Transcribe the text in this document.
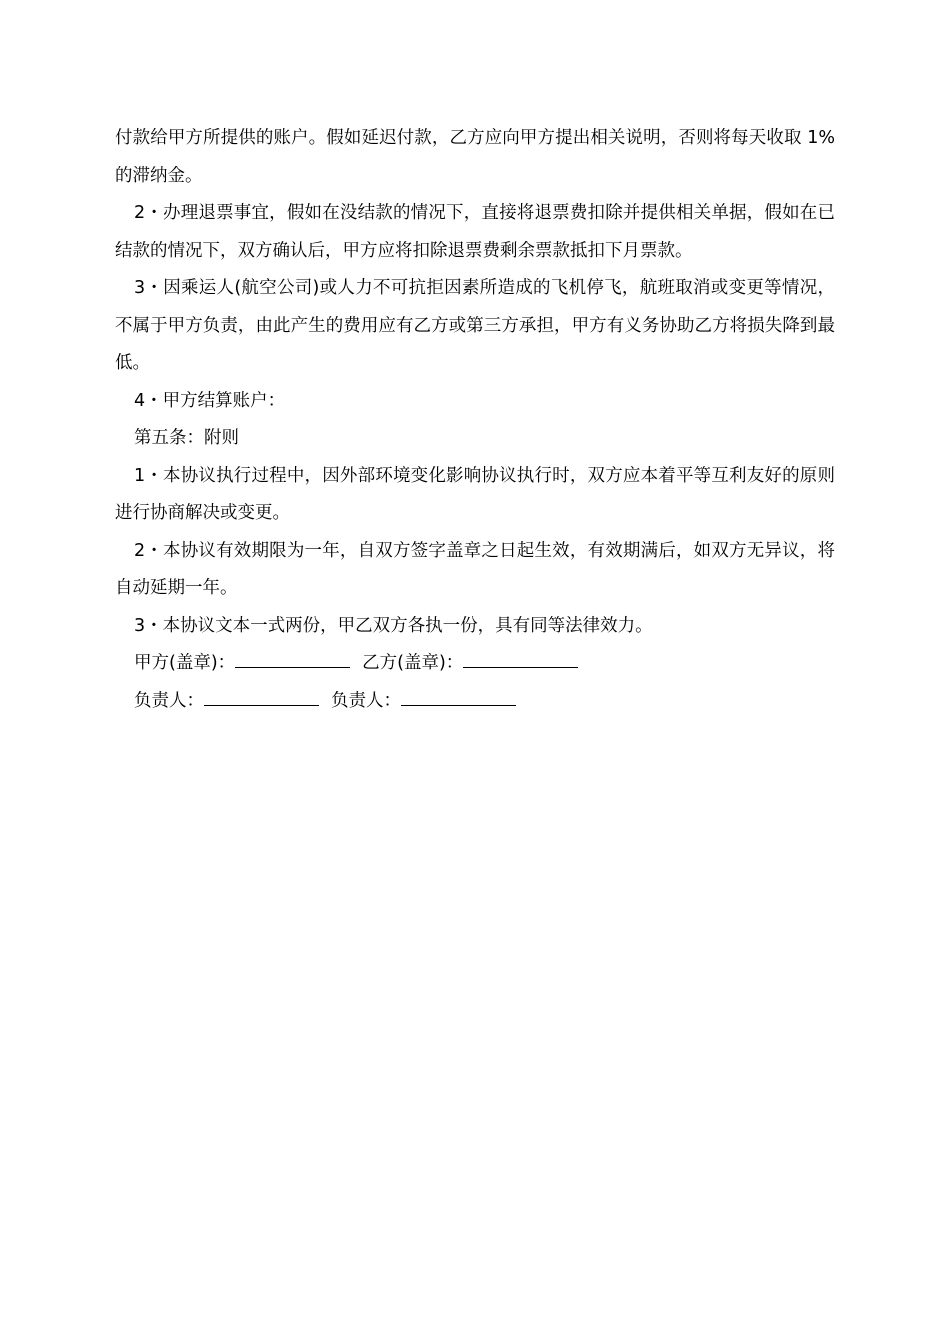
付款给甲方所提供的账户。假如延迟付款，乙方应向甲方提出相关说明，否则将每天收取 1%的滞纳金。

2・办理退票事宜，假如在没结款的情况下，直接将退票费扣除并提供相关单据，假如在已结款的情况下，双方确认后，甲方应将扣除退票费剩余票款抵扣下月票款。

3・因乘运人(航空公司)或人力不可抗拒因素所造成的飞机停飞，航班取消或变更等情况，不属于甲方负责，由此产生的费用应有乙方或第三方承担，甲方有义务协助乙方将损失降到最低。

4・甲方结算账户：

第五条：附则

1・本协议执行过程中，因外部环境变化影响协议执行时，双方应本着平等互利友好的原则进行协商解决或变更。

2・本协议有效期限为一年，自双方签字盖章之日起生效，有效期满后，如双方无异议，将自动延期一年。

3・本协议文本一式两份，甲乙双方各执一份，具有同等法律效力。

甲方(盖章)：	乙方(盖章)：

负责人：	负责人：
